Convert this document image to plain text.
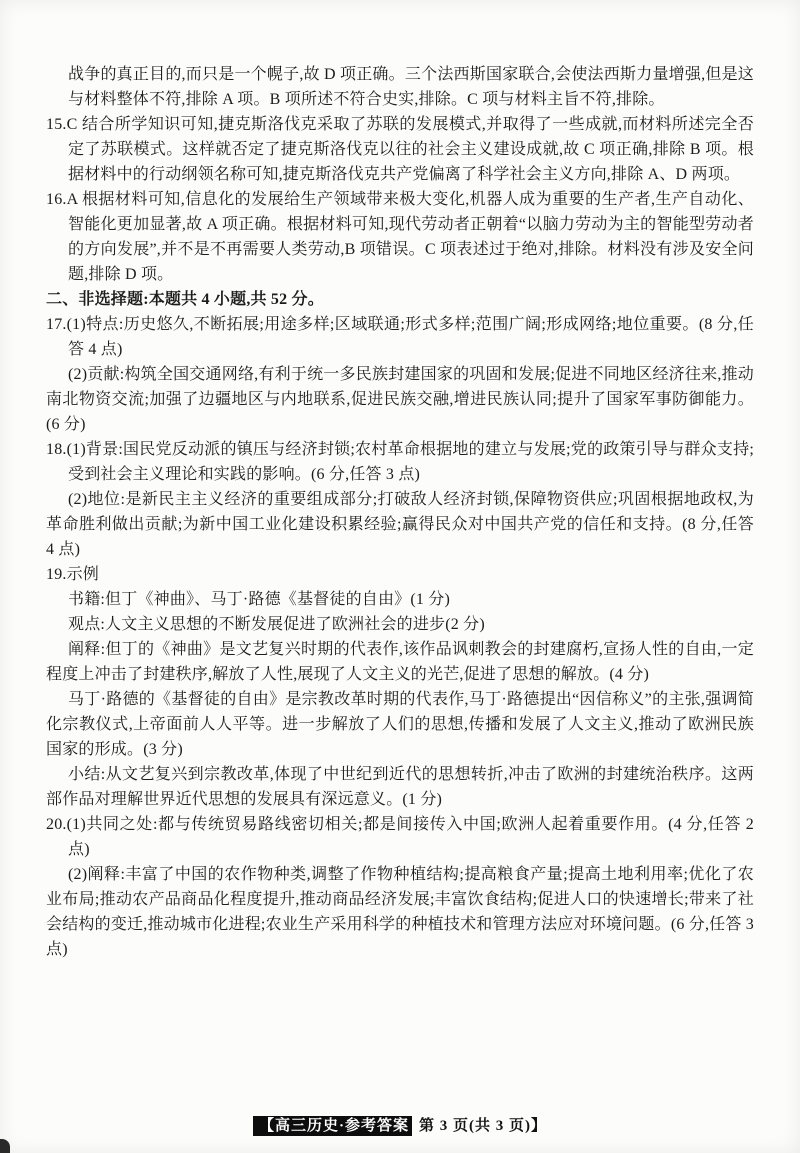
战争的真正目的,而只是一个幌子,故 D 项正确。三个法西斯国家联合,会使法西斯力量增强,但是这与材料整体不符,排除 A 项。B 项所述不符合史实,排除。C 项与材料主旨不符,排除。

15.C 结合所学知识可知,捷克斯洛伐克采取了苏联的发展模式,并取得了一些成就,而材料所述完全否定了苏联模式。这样就否定了捷克斯洛伐克以往的社会主义建设成就,故 C 项正确,排除 B 项。根据材料中的行动纲领名称可知,捷克斯洛伐克共产党偏离了科学社会主义方向,排除 A、D 两项。

16.A 根据材料可知,信息化的发展给生产领域带来极大变化,机器人成为重要的生产者,生产自动化、智能化更加显著,故 A 项正确。根据材料可知,现代劳动者正朝着“以脑力劳动为主的智能型劳动者的方向发展”,并不是不再需要人类劳动,B 项错误。C 项表述过于绝对,排除。材料没有涉及安全问题,排除 D 项。

二、非选择题:本题共 4 小题,共 52 分。

17.(1)特点:历史悠久,不断拓展;用途多样;区域联通;形式多样;范围广阔;形成网络;地位重要。(8 分,任答 4 点)

(2)贡献:构筑全国交通网络,有利于统一多民族封建国家的巩固和发展;促进不同地区经济往来,推动南北物资交流;加强了边疆地区与内地联系,促进民族交融,增进民族认同;提升了国家军事防御能力。(6 分)

18.(1)背景:国民党反动派的镇压与经济封锁;农村革命根据地的建立与发展;党的政策引导与群众支持;受到社会主义理论和实践的影响。(6 分,任答 3 点)

(2)地位:是新民主主义经济的重要组成部分;打破敌人经济封锁,保障物资供应;巩固根据地政权,为革命胜利做出贡献;为新中国工业化建设积累经验;赢得民众对中国共产党的信任和支持。(8 分,任答 4 点)

19.示例

书籍:但丁《神曲》、马丁·路德《基督徒的自由》(1 分)

观点:人文主义思想的不断发展促进了欧洲社会的进步(2 分)

阐释:但丁的《神曲》是文艺复兴时期的代表作,该作品讽刺教会的封建腐朽,宣扬人性的自由,一定程度上冲击了封建秩序,解放了人性,展现了人文主义的光芒,促进了思想的解放。(4 分)

马丁·路德的《基督徒的自由》是宗教改革时期的代表作,马丁·路德提出“因信称义”的主张,强调简化宗教仪式,上帝面前人人平等。进一步解放了人们的思想,传播和发展了人文主义,推动了欧洲民族国家的形成。(3 分)

小结:从文艺复兴到宗教改革,体现了中世纪到近代的思想转折,冲击了欧洲的封建统治秩序。这两部作品对理解世界近代思想的发展具有深远意义。(1 分)

20.(1)共同之处:都与传统贸易路线密切相关;都是间接传入中国;欧洲人起着重要作用。(4 分,任答 2 点)

(2)阐释:丰富了中国的农作物种类,调整了作物种植结构;提高粮食产量;提高土地利用率;优化了农业布局;推动农产品商品化程度提升,推动商品经济发展;丰富饮食结构;促进人口的快速增长;带来了社会结构的变迁,推动城市化进程;农业生产采用科学的种植技术和管理方法应对环境问题。(6 分,任答 3 点)

【高三历史·参考答案 第 3 页(共 3 页)】
